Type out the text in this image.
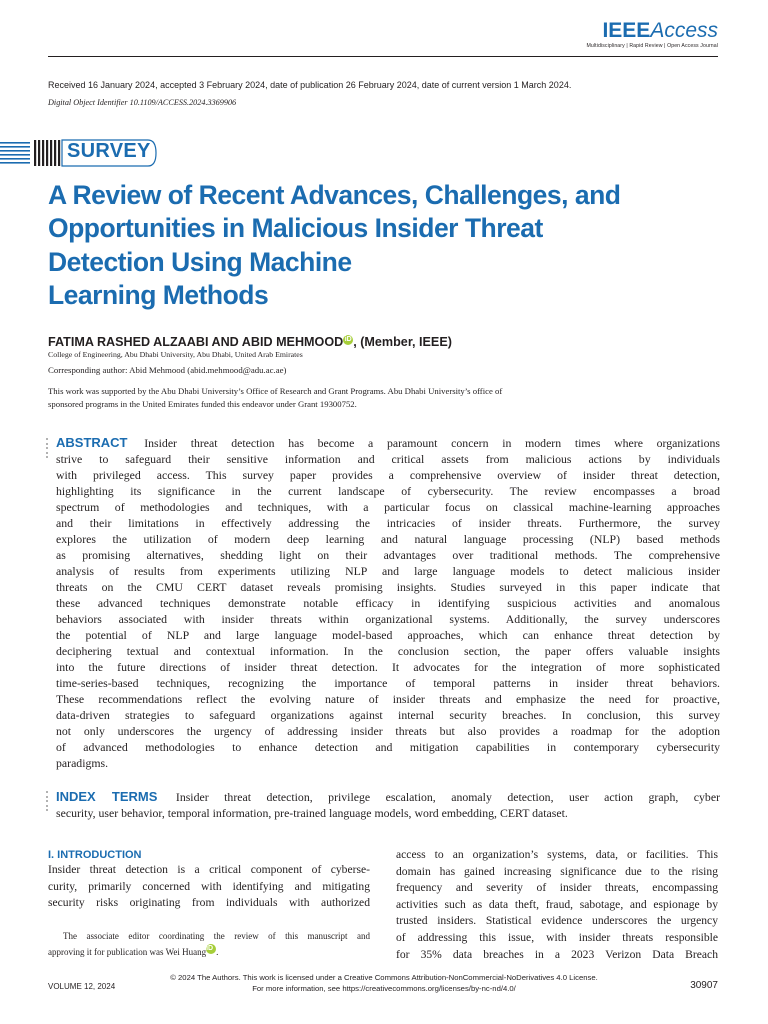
IEEEAccess
Multidisciplinary | Rapid Review | Open Access Journal
Received 16 January 2024, accepted 3 February 2024, date of publication 26 February 2024, date of current version 1 March 2024.
Digital Object Identifier 10.1109/ACCESS.2024.3369906
SURVEY
A Review of Recent Advances, Challenges, and
Opportunities in Malicious Insider Threat
Detection Using Machine
Learning Methods
FATIMA RASHED ALZAABI AND ABID MEHMOOD iD , (Member, IEEE)
College of Engineering, Abu Dhabi University, Abu Dhabi, United Arab Emirates
Corresponding author: Abid Mehmood (abid.mehmood@adu.ac.ae)
This work was supported by the Abu Dhabi University’s Office of Research and Grant Programs. Abu Dhabi University’s office of
sponsored programs in the United Emirates funded this endeavor under Grant 19300752.
ABSTRACT Insider threat detection has become a paramount concern in modern times where organizations
strive to safeguard their sensitive information and critical assets from malicious actions by individuals
with privileged access. This survey paper provides a comprehensive overview of insider threat detection,
highlighting its significance in the current landscape of cybersecurity. The review encompasses a broad
spectrum of methodologies and techniques, with a particular focus on classical machine-learning approaches
and their limitations in effectively addressing the intricacies of insider threats. Furthermore, the survey
explores the utilization of modern deep learning and natural language processing (NLP) based methods
as promising alternatives, shedding light on their advantages over traditional methods. The comprehensive
analysis of results from experiments utilizing NLP and large language models to detect malicious insider
threats on the CMU CERT dataset reveals promising insights. Studies surveyed in this paper indicate that
these advanced techniques demonstrate notable efficacy in identifying suspicious activities and anomalous
behaviors associated with insider threats within organizational systems. Additionally, the survey underscores
the potential of NLP and large language model-based approaches, which can enhance threat detection by
deciphering textual and contextual information. In the conclusion section, the paper offers valuable insights
into the future directions of insider threat detection. It advocates for the integration of more sophisticated
time-series-based techniques, recognizing the importance of temporal patterns in insider threat behaviors.
These recommendations reflect the evolving nature of insider threats and emphasize the need for proactive,
data-driven strategies to safeguard organizations against internal security breaches. In conclusion, this survey
not only underscores the urgency of addressing insider threats but also provides a roadmap for the adoption
of advanced methodologies to enhance detection and mitigation capabilities in contemporary cybersecurity
paradigms.
INDEX TERMS Insider threat detection, privilege escalation, anomaly detection, user action graph, cyber
security, user behavior, temporal information, pre-trained language models, word embedding, CERT dataset.
I. INTRODUCTION
Insider threat detection is a critical component of cyberse-
curity, primarily concerned with identifying and mitigating
security risks originating from individuals with authorized
The associate editor coordinating the review of this manuscript and
approving it for publication was Wei HuangiD .
access to an organization’s systems, data, or facilities. This
domain has gained increasing significance due to the rising
frequency and severity of insider threats, encompassing
activities such as data theft, fraud, sabotage, and espionage by
trusted insiders. Statistical evidence underscores the urgency
of addressing this issue, with insider threats responsible
for 35% data breaches in a 2023 Verizon Data Breach
© 2024 The Authors. This work is licensed under a Creative Commons Attribution-NonCommercial-NoDerivatives 4.0 License.
For more information, see https://creativecommons.org/licenses/by-nc-nd/4.0/
VOLUME 12, 2024	30907
